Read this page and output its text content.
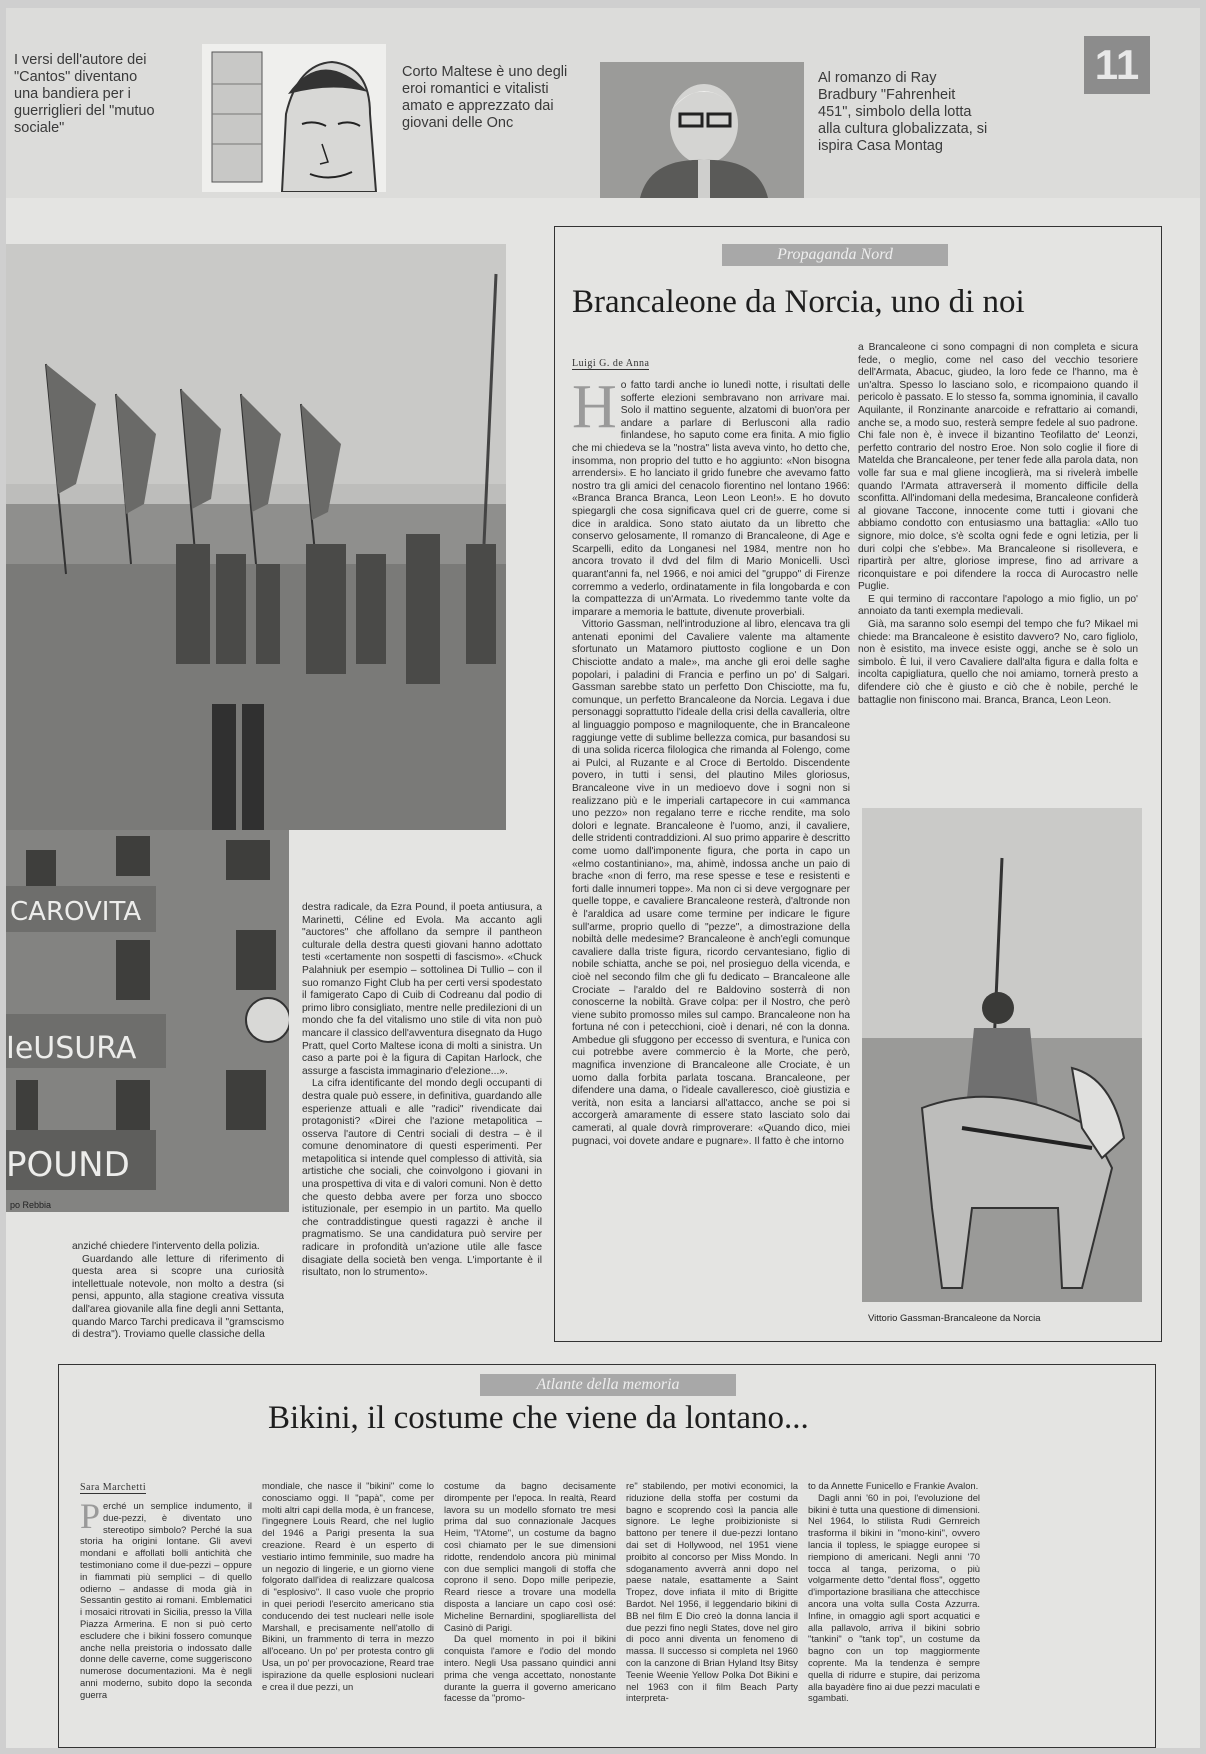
I versi dell'autore dei "Cantos" diventano una bandiera per i guerriglieri del "mutuo sociale"
Corto Maltese è uno degli eroi romantici e vitalisti amato e apprezzato dai giovani delle Onc
Al romanzo di Ray Bradbury "Fahrenheit 451", simbolo della lotta alla cultura globalizzata, si ispira Casa Montag
11
CAROVITA
IeUSURA
POUND
po Rebbia

anziché chiedere l'intervento della polizia.

Guardando alle letture di riferimento di questa area si scopre una curiosità intellettuale notevole, non molto a destra (si pensi, appunto, alla stagione creativa vissuta dall'area giovanile alla fine degli anni Settanta, quando Marco Tarchi predicava il "gramscismo di destra"). Troviamo quelle classiche della

destra radicale, da Ezra Pound, il poeta antiusura, a Marinetti, Céline ed Evola. Ma accanto agli "auctores" che affollano da sempre il pantheon culturale della destra questi giovani hanno adottato testi «certamente non sospetti di fascismo». «Chuck Palahniuk per esempio – sottolinea Di Tullio – con il suo romanzo Fight Club ha per certi versi spodestato il famigerato Capo di Cuib di Codreanu dal podio di primo libro consigliato, mentre nelle predilezioni di un mondo che fa del vitalismo uno stile di vita non può mancare il classico dell'avventura disegnato da Hugo Pratt, quel Corto Maltese icona di molti a sinistra. Un caso a parte poi è la figura di Capitan Harlock, che assurge a fascista immaginario d'elezione...».

La cifra identificante del mondo degli occupanti di destra quale può essere, in definitiva, guardando alle esperienze attuali e alle "radici" rivendicate dai protagonisti? «Direi che l'azione metapolitica – osserva l'autore di Centri sociali di destra – è il comune denominatore di questi esperimenti. Per metapolitica si intende quel complesso di attività, sia artistiche che sociali, che coinvolgono i giovani in una prospettiva di vita e di valori comuni. Non è detto che questo debba avere per forza uno sbocco istituzionale, per esempio in un partito. Ma quello che contraddistingue questi ragazzi è anche il pragmatismo. Se una candidatura può servire per radicare in profondità un'azione utile alle fasce disagiate della società ben venga. L'importante è il risultato, non lo strumento».

Propaganda Nord
Brancaleone da Norcia, uno di noi
Luigi G. de Anna
H o fatto tardi anche io lunedì notte, i risultati delle sofferte elezioni sembravano non arrivare mai. Solo il mattino seguente, alzatomi di buon'ora per andare a parlare di Berlusconi alla radio finlandese, ho saputo come era finita. A mio figlio che mi chiedeva se la "nostra" lista aveva vinto, ho detto che, insomma, non proprio del tutto e ho aggiunto: «Non bisogna arrendersi». E ho lanciato il grido funebre che avevamo fatto nostro tra gli amici del cenacolo fiorentino nel lontano 1966: «Branca Branca Branca, Leon Leon Leon!». E ho dovuto spiegargli che cosa significava quel cri de guerre, come si dice in araldica. Sono stato aiutato da un libretto che conservo gelosamente, Il romanzo di Brancaleone, di Age e Scarpelli, edito da Longanesi nel 1984, mentre non ho ancora trovato il dvd del film di Mario Monicelli. Uscì quarant'anni fa, nel 1966, e noi amici del "gruppo" di Firenze corremmo a vederlo, ordinatamente in fila longobarda e con la compattezza di un'Armata. Lo rivedemmo tante volte da imparare a memoria le battute, divenute proverbiali.

Vittorio Gassman, nell'introduzione al libro, elencava tra gli antenati eponimi del Cavaliere valente ma altamente sfortunato un Matamoro piuttosto coglione e un Don Chisciotte andato a male», ma anche gli eroi delle saghe popolari, i paladini di Francia e perfino un po' di Salgari. Gassman sarebbe stato un perfetto Don Chisciotte, ma fu, comunque, un perfetto Brancaleone da Norcia. Legava i due personaggi soprattutto l'ideale della crisi della cavalleria, oltre al linguaggio pomposo e magniloquente, che in Brancaleone raggiunge vette di sublime bellezza comica, pur basandosi su di una solida ricerca filologica che rimanda al Folengo, come ai Pulci, al Ruzante e al Croce di Bertoldo. Discendente povero, in tutti i sensi, del plautino Miles gloriosus, Brancaleone vive in un medioevo dove i sogni non si realizzano più e le imperiali cartapecore in cui «ammanca uno pezzo» non regalano terre e ricche rendite, ma solo dolori e legnate. Brancaleone è l'uomo, anzi, il cavaliere, delle stridenti contraddizioni. Al suo primo apparire è descritto come uomo dall'imponente figura, che porta in capo un «elmo costantiniano», ma, ahimè, indossa anche un paio di brache «non di ferro, ma rese spesse e tese e resistenti e forti dalle innumeri toppe». Ma non ci si deve vergognare per quelle toppe, e cavaliere Brancaleone resterà, d'altronde non è l'araldica ad usare come termine per indicare le figure sull'arme, proprio quello di "pezze", a dimostrazione della nobiltà delle medesime? Brancaleone è anch'egli comunque cavaliere dalla triste figura, ricordo cervantesiano, figlio di nobile schiatta, anche se poi, nel prosieguo della vicenda, e cioè nel secondo film che gli fu dedicato – Brancaleone alle Crociate – l'araldo del re Baldovino sosterrà di non conoscerne la nobiltà. Grave colpa: per il Nostro, che però viene subito promosso miles sul campo. Brancaleone non ha fortuna né con i petecchioni, cioè i denari, né con la donna. Ambedue gli sfuggono per eccesso di sventura, e l'unica con cui potrebbe avere commercio è la Morte, che però, magnifica invenzione di Brancaleone alle Crociate, è un uomo dalla forbita parlata toscana. Brancaleone, per difendere una dama, o l'ideale cavalleresco, cioè giustizia e verità, non esita a lanciarsi all'attacco, anche se poi si accorgerà amaramente di essere stato lasciato solo dai camerati, al quale dovrà rimproverare: «Quando dico, miei pugnaci, voi dovete andare e pugnare». Il fatto è che intorno

a Brancaleone ci sono compagni di non completa e sicura fede, o meglio, come nel caso del vecchio tesoriere dell'Armata, Abacuc, giudeo, la loro fede ce l'hanno, ma è un'altra. Spesso lo lasciano solo, e ricompaiono quando il pericolo è passato. E lo stesso fa, somma ignominia, il cavallo Aquilante, il Ronzinante anarcoide e refrattario ai comandi, anche se, a modo suo, resterà sempre fedele al suo padrone. Chi fale non è, è invece il bizantino Teofilatto de' Leonzi, perfetto contrario del nostro Eroe. Non solo coglie il fiore di Matelda che Brancaleone, per tener fede alla parola data, non volle far sua e mal gliene incoglierà, ma si rivelerà imbelle quando l'Armata attraverserà il momento difficile della sconfitta. All'indomani della medesima, Brancaleone confiderà al giovane Taccone, innocente come tutti i giovani che abbiamo condotto con entusiasmo una battaglia: «Allo tuo signore, mio dolce, s'è scolta ogni fede e ogni letizia, per li duri colpi che s'ebbe». Ma Brancaleone si risollevera, e ripartirà per altre, gloriose imprese, fino ad arrivare a riconquistare e poi difendere la rocca di Aurocastro nelle Puglie.

E qui termino di raccontare l'apologo a mio figlio, un po' annoiato da tanti exempla medievali.

Già, ma saranno solo esempi del tempo che fu? Mikael mi chiede: ma Brancaleone è esistito davvero? No, caro figliolo, non è esistito, ma invece esiste oggi, anche se è solo un simbolo. È lui, il vero Cavaliere dall'alta figura e dalla folta e incolta capigliatura, quello che noi amiamo, tornerà presto a difendere ciò che è giusto e ciò che è nobile, perché le battaglie non finiscono mai. Branca, Branca, Leon Leon.

Vittorio Gassman-Brancaleone da Norcia
Atlante della memoria
Bikini, il costume che viene da lontano...
Sara Marchetti
P erché un semplice indumento, il due-pezzi, è diventato uno stereotipo simbolo? Perché la sua storia ha origini lontane. Gli avevi mondani e affollati bolli antichità che testimoniano come il due-pezzi – oppure in fiammati più semplici – di quello odierno – andasse di moda già in Sessantin gestito ai romani. Emblematici i mosaici ritrovati in Sicilia, presso la Villa Piazza Armerina. E non si può certo escludere che i bikini fossero comunque anche nella preistoria o indossato dalle donne delle caverne, come suggeriscono numerose documentazioni. Ma è negli anni moderno, subito dopo la seconda guerra

mondiale, che nasce il "bikini" come lo conosciamo oggi. Il "papà", come per molti altri capi della moda, è un francese, l'ingegnere Louis Reard, che nel luglio del 1946 a Parigi presenta la sua creazione. Reard è un esperto di vestiario intimo femminile, suo madre ha un negozio di lingerie, e un giorno viene folgorato dall'idea di realizzare qualcosa di "esplosivo". Il caso vuole che proprio in quei periodi l'esercito americano stia conducendo dei test nucleari nelle isole Marshall, e precisamente nell'atollo di Bikini, un frammento di terra in mezzo all'oceano. Un po' per protesta contro gli Usa, un po' per provocazione, Reard trae ispirazione da quelle esplosioni nucleari e crea il due pezzi, un

costume da bagno decisamente dirompente per l'epoca. In realtà, Reard lavora su un modello sfornato tre mesi prima dal suo connazionale Jacques Heim, "l'Atome", un costume da bagno così chiamato per le sue dimensioni ridotte, rendendolo ancora più minimal con due semplici mangoli di stoffa che coprono il seno. Dopo mille peripezie, Reard riesce a trovare una modella disposta a lanciare un capo così osé: Micheline Bernardini, spogliarellista del Casinò di Parigi.

Da quel momento in poi il bikini conquista l'amore e l'odio del mondo intero. Negli Usa passano quindici anni prima che venga accettato, nonostante durante la guerra il governo americano facesse da "promo-

re" stabilendo, per motivi economici, la riduzione della stoffa per costumi da bagno e scoprendo così la pancia alle signore. Le leghe proibizioniste si battono per tenere il due-pezzi lontano dai set di Hollywood, nel 1951 viene proibito al concorso per Miss Mondo. In sdoganamento avverrà anni dopo nel paese natale, esattamente a Saint Tropez, dove infiata il mito di Brigitte Bardot. Nel 1956, il leggendario bikini di BB nel film E Dio creò la donna lancia il due pezzi fino negli States, dove nel giro di poco anni diventa un fenomeno di massa. Il successo si completa nel 1960 con la canzone di Brian Hyland Itsy Bitsy Teenie Weenie Yellow Polka Dot Bikini e nel 1963 con il film Beach Party interpreta-

to da Annette Funicello e Frankie Avalon.

Dagli anni '60 in poi, l'evoluzione del bikini è tutta una questione di dimensioni. Nel 1964, lo stilista Rudi Gernreich trasforma il bikini in "mono-kini", ovvero lancia il topless, le spiagge europee si riempiono di americani. Negli anni '70 tocca al tanga, perizoma, o più volgarmente detto "dental floss", oggetto d'importazione brasiliana che attecchisce ancora una volta sulla Costa Azzurra. Infine, in omaggio agli sport acquatici e alla pallavolo, arriva il bikini sobrio "tankini" o "tank top", un costume da bagno con un top maggiormente coprente. Ma la tendenza è sempre quella di ridurre e stupire, dai perizoma alla bayadère fino ai due pezzi maculati e sgambati.
